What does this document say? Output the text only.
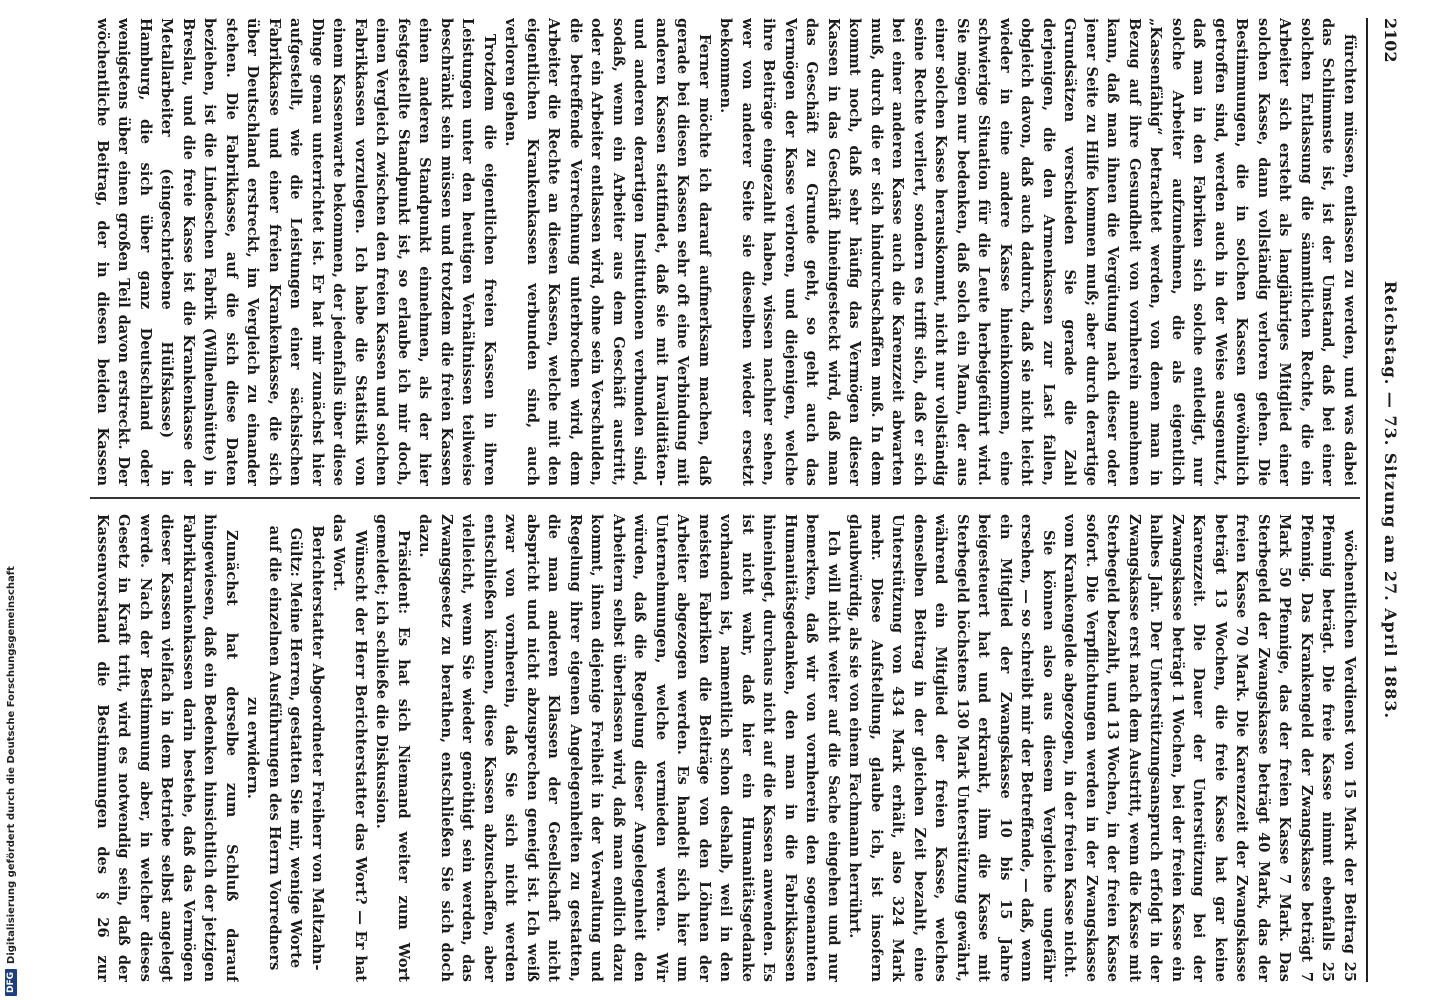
2102
Reichstag. — 73. Sitzung am 27. April 1883.

fürchten müssen, entlassen zu werden, und was dabei das Schlimmste ist, ist der Umstand, daß bei einer solchen Entlassung die sämmtlichen Rechte, die ein Arbeiter sich ersteht als langjähriges Mitglied einer solchen Kasse, dann vollständig verloren gehen. Die Bestimmungen, die in solchen Kassen gewöhnlich getroffen sind, werden auch in der Weise ausgenutzt, daß man in den Fabriken sich solche entledigt, nur solche Arbeiter aufzunehmen, die als eigentlich „Kassenfähig“ betrachtet werden, von denen man in Bezug auf ihre Gesundheit von vornherein annehmen kann, daß man ihnen die Vergütung nach dieser oder jener Seite zu Hilfe kommen muß; aber durch derartige Grundsätzen verschieden Sie gerade die Zahl derjenigen, die den Armenkassen zur Last fallen, obgleich davon, daß auch dadurch, daß sie nicht leicht wieder in eine andere Kasse hineinkommen, eine schwierige Situation für die Leute herbeigeführt wird. Sie mögen nur bedenken, daß solch ein Mann, der aus einer solchen Kasse herauskommt, nicht nur vollständig seine Rechte verliert, sondern es trifft sich, daß er sich bei einer anderen Kasse auch die Karenzzeit abwarten muß, durch die er sich hindurchschaffen muß. In dem kommt noch, daß sehr häufig das Vermögen dieser Kassen in das Geschäft hineingesteckt wird, daß man das Geschäft zu Grunde geht, so geht auch das Vermögen der Kasse verloren, und diejenigen, welche ihre Beiträge eingezahlt haben, wissen nachher sehen, wer von anderer Seite sie dieselben wieder ersetzt bekommen.

Ferner möchte ich darauf aufmerksam machen, daß gerade bei diesen Kassen sehr oft eine Verbindung mit anderen Kassen stattfindet, daß sie mit Invaliditäten- und anderen derartigen Institutionen verbunden sind, sodaß, wenn ein Arbeiter aus dem Geschäft austritt, oder ein Arbeiter entlassen wird, ohne sein Verschulden, die betreffende Verrechnung unterbrochen wird, dem Arbeiter die Rechte an diesen Kassen, welche mit den eigentlichen Krankenkassen verbunden sind, auch verloren gehen.

Trotzdem die eigentlichen freien Kassen in ihren Leistungen unter den heutigen Verhältnissen teilweise beschränkt sein müssen und trotzdem die freien Kassen einen anderen Standpunkt einnehmen, als der hier festgestellte Standpunkt ist, so erlaube ich mir doch, einen Vergleich zwischen den freien Kassen und solchen Fabrikkassen vorzulegen. Ich habe die Statistik von einem Kassenwarte bekommen, der jedenfalls über diese Dinge genau unterrichtet ist. Er hat mir zunächst hier aufgestellt, wie die Leistungen einer sächsischen Fabrikkasse und einer freien Krankenkasse, die sich über Deutschland erstreckt, im Vergleich zu einander stehen. Die Fabrikkasse, auf die sich diese Daten beziehen, ist die Lindeschen Fabrik (Wilhelmshütte) in Breslau, und die freie Kasse ist die Krankenkasse der Metallarbeiter (eingeschriebene Hülfskasse) in Hamburg, die sich über ganz Deutschland oder wenigstens über einen großen Teil davon erstreckt. Der wöchentliche Beitrag, der in diesen beiden Kassen

wöchentlichen Verdienst von 15 Mark der Beitrag 25 Pfennig beträgt. Die freie Kasse nimmt ebenfalls 25 Pfennig. Das Krankengeld der Zwangskasse beträgt 7 Mark 50 Pfennige, das der freien Kasse 7 Mark. Das Sterbegeld der Zwangskasse beträgt 40 Mark, das der freien Kasse 70 Mark. Die Karenzzeit der Zwangskasse beträgt 13 Wochen, die freie Kasse hat gar keine Karenzzeit. Die Dauer der Unterstützung bei der Zwangskasse beträgt 1 Wochen, bei der freien Kasse ein halbes Jahr. Der Unterstützungsanspruch erfolgt in der Zwangskasse erst nach dem Austritt, wenn die Kasse mit Sterbegeld bezahlt, und 13 Wochen, in der freien Kasse sofort. Die Verpflichtungen werden in der Zwangskasse vom Krankengelde abgezogen, in der freien Kasse nicht.

Sie können also aus diesem Vergleiche ungefähr ersehen, — so schreibt mir der Betreffende, — daß, wenn ein Mitglied der Zwangskasse 10 bis 15 Jahre beigesteuert hat und erkrankt, ihm die Kasse mit Sterbegeld höchstens 130 Mark Unterstützung gewährt, während ein Mitglied der freien Kasse, welches denselben Beitrag in der gleichen Zeit bezahlt, eine Unterstützung von 434 Mark erhält, also 324 Mark mehr. Diese Aufstellung, glaube ich, ist insofern glaubwürdig, als sie von einem Fachmann herrührt.

Ich will nicht weiter auf die Sache eingehen und nur bemerken, daß wir von vornherein den sogenannten Humanitätsgedanken, den man in die Fabrikkassen hineinlegt, durchaus nicht auf die Kassen anwenden. Es ist nicht wahr, daß hier ein Humanitätsgedanke vorhanden ist, namentlich schon deshalb, weil in den meisten Fabriken die Beiträge von den Löhnen der Arbeiter abgezogen werden. Es handelt sich hier um Unternehmungen, welche vermieden werden. Wir würden, daß die Regelung dieser Angelegenheit den Arbeitern selbst überlassen wird, daß man endlich dazu kommt, ihnen diejenige Freiheit in der Verwaltung und Regelung ihrer eigenen Angelegenheiten zu gestatten, die man anderen Klassen der Gesellschaft nicht abspricht und nicht abzusprechen geneigt ist. Ich weiß zwar von vornherein, daß Sie sich nicht werden entschließen können, diese Kassen abzuschaffen, aber vielleicht, wenn Sie wieder genöthigt sein werden, das Zwangsgesetz zu berathen, entschließen Sie sich doch dazu.

Präsident: Es hat sich Niemand weiter zum Wort gemeldet; ich schließe die Diskussion.

Wünscht der Herr Berichterstatter das Wort? — Er hat das Wort.

Berichterstatter Abgeordneter Freiherr von Maltzahn-Gültz: Meine Herren, gestatten Sie mir, wenige Worte auf die einzelnen Ausführungen des Herrn Vorredners zu erwidern.

Zunächst hat derselbe zum Schluß darauf hingewiesen, daß ein Bedenken hinsichtlich der jetzigen Fabrikkrankenkassen darin bestehe, daß das Vermögen dieser Kassen vielfach in dem Betriebe selbst angelegt werde. Nach der Bestimmung aber, in welcher dieses Gesetz in Kraft tritt, wird es notwendig sein, daß der Kassenvorstand die Bestimmungen des § 26 zur

DFG
Digitalisierung gefördert durch die Deutsche Forschungsgemeinschaft
